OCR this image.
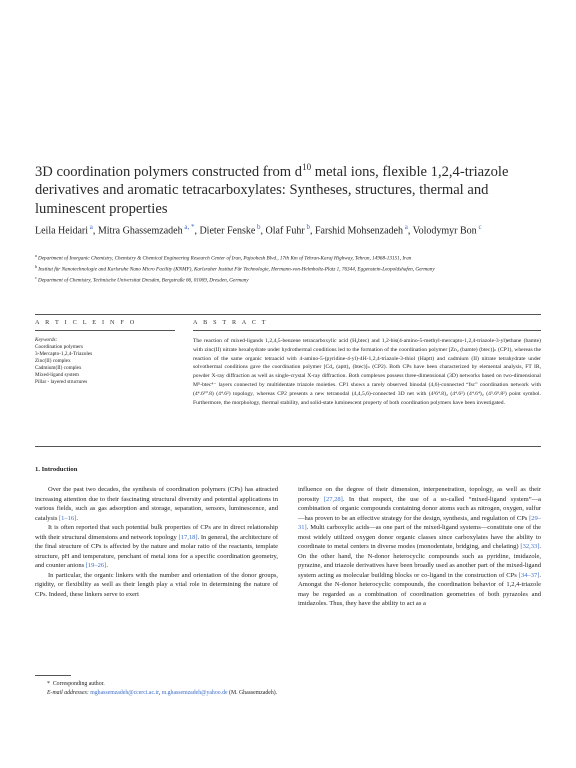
3D coordination polymers constructed from $d^{10}$ metal ions, flexible 1,2,4-triazole derivatives and aromatic tetracarboxylates: Syntheses, structures, thermal and luminescent properties
Leila Heidari $^a$, Mitra Ghassemzadeh $^{a, *}$, Dieter Fenske $^b$, Olaf Fuhr $^b$, Farshid Mohsenzadeh $^a$, Volodymyr Bon $^c$
$^a$ Department of Inorganic Chemistry, Chemistry & Chemical Engineering Research Center of Iran, Pajoohesh Blvd., 17th Km of Tehran-Karaj Highway, Tehran, 14968-13151, Iran
$^b$ Institut für Nanotechnologie and Karlsruhe Nano Micro Facility (KNMF), Karlsruher Institut Für Technologie, Hermann-von-Helmholtz-Platz 1, 76344, Eggenstein-Leopoldshafen, Germany
$^c$ Department of Chemistry, Technische Universitat Dresden, Bergstraße 66, 01069, Dresden, Germany
A R T I C L E I N F O	A B S T R A C T
Keywords:
Coordination polymers
3-Mercapto-1,2,4-Triazoles
Zinc(II) complex
Cadmium(II) complex
Mixed-ligand system
Pillar - layered structures
The reaction of mixed-ligands 1,2,4,5-benzene tetracarboxylic acid (H₄btec) and 1,2-bis(4-amino-5-methyl-mercapto-1,2,4-triazole-3-yl)ethane (bamte) with zinc(II) nitrate hexahydrate under hydrothermal conditions led to the formation of the coordination polymer [Zn₂ (bamte) (btec)]ₙ (CP1), whereas the reaction of the same organic tetraacid with 4-amino-5-(pyridine-4-yl)-4H-1,2,4-triazole-3-thiol (Haptt) and cadmium (II) nitrate tetrahydrate under solvothermal conditions gave the coordination polymer [Cd₂ (aptt)₂ (btec)]ₙ (CP2). Both CPs have been characterized by elemental analysis, FT IR, powder X-ray diffraction as well as single-crystal X-ray diffraction. Both complexes possess three-dimensional (3D) networks based on two-dimensional Mᴵᴵ-btec⁴⁻ layers connected by multidentate triazole moieties. CP1 shows a rarely observed binodal (4,6)-connected “fsc” coordination network with (4⁴.6¹⁰.8) (4⁴.6²) topology, whereas CP2 presents a new tetranodal (4,4,5,6)-connected 3D net with (4²6⁴.8)₂ (4⁴.6²) (4⁴.6⁴)₂ (4⁵.6⁸.8²) point symbol. Furthermore, the morphology, thermal stability, and solid-state luminescent property of both coordination polymers have been investigated.
1. Introduction

Over the past two decades, the synthesis of coordination polymers (CPs) has attracted increasing attention due to their fascinating structural diversity and potential applications in various fields, such as gas adsorption and storage, separation, sensors, luminescence, and catalysis [1–16].

It is often reported that such potential bulk properties of CPs are in direct relationship with their structural dimensions and network topology [17,18]. In general, the architecture of the final structure of CPs is affected by the nature and molar ratio of the reactants, template structure, pH and temperature, penchant of metal ions for a specific coordination geometry, and counter anions [19–26].

In particular, the organic linkers with the number and orientation of the donor groups, rigidity, or flexibility as well as their length play a vital role in determining the nature of CPs. Indeed, these linkers serve to exert

influence on the degree of their dimension, interpenetration, topology, as well as their porosity [27,28]. In that respect, the use of a so-called “mixed-ligand system”—a combination of organic compounds containing donor atoms such as nitrogen, oxygen, sulfur—has proven to be an effective strategy for the design, synthesis, and regulation of CPs [29–31]. Multi carboxylic acids—as one part of the mixed-ligand systems—constitute one of the most widely utilized oxygen donor organic classes since carboxylates have the ability to coordinate to metal centers in diverse modes (monodentate, bridging, and chelating) [32,33]. On the other hand, the N-donor heterocyclic compounds such as pyridine, imidazole, pyrazine, and triazole derivatives have been broadly used as another part of the mixed-ligand system acting as molecular building blocks or co-ligand in the construction of CPs [34–37]. Amongst the N-donor heterocyclic compounds, the coordination behavior of 1,2,4-triazole may be regarded as a combination of coordination geometries of both pyrazoles and imidazoles. Thus, they have the ability to act as a

* Corresponding author.
E-mail addresses: mghassemzadeh@ccerci.ac.ir, m.ghassemzadeh@yahoo.de (M. Ghassemzadeh).
